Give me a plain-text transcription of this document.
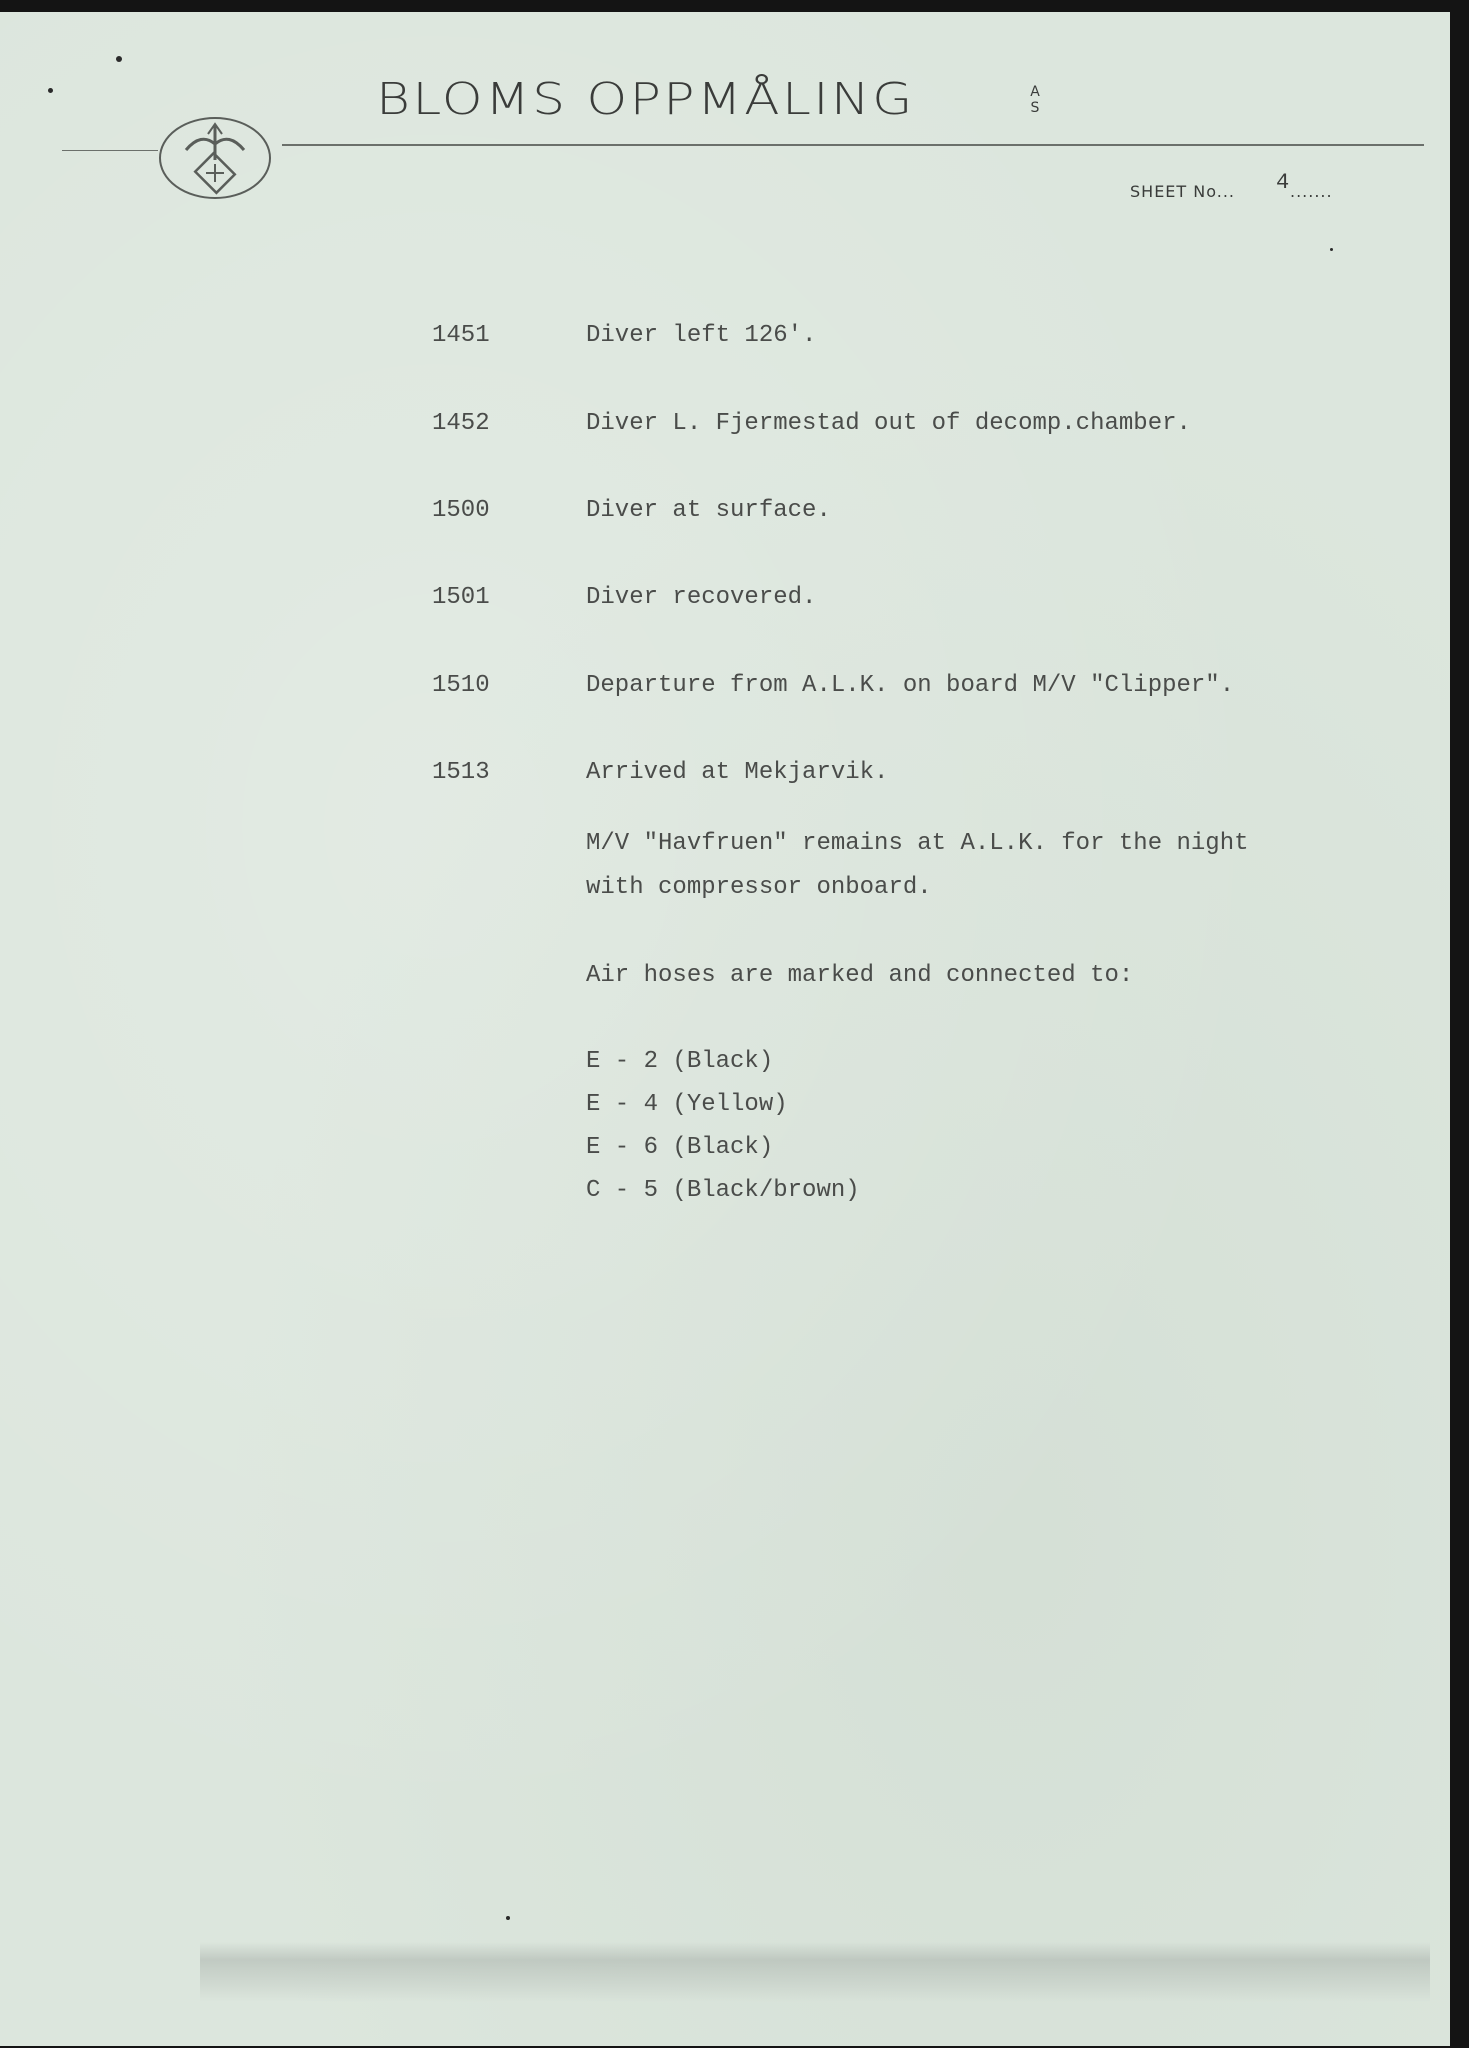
BLOMS OPPMÅLING	AS
SHEET No... 4 .......
1451	Diver left 126'.
1452	Diver L. Fjermestad out of decomp.chamber.
1500	Diver at surface.
1501	Diver recovered.
1510	Departure from A.L.K. on board M/V "Clipper".
1513	Arrived at Mekjarvik.
M/V "Havfruen" remains at A.L.K. for the night
with compressor onboard.
Air hoses are marked and connected to:
E - 2 (Black)
E - 4 (Yellow)
E - 6 (Black)
C - 5 (Black/brown)
